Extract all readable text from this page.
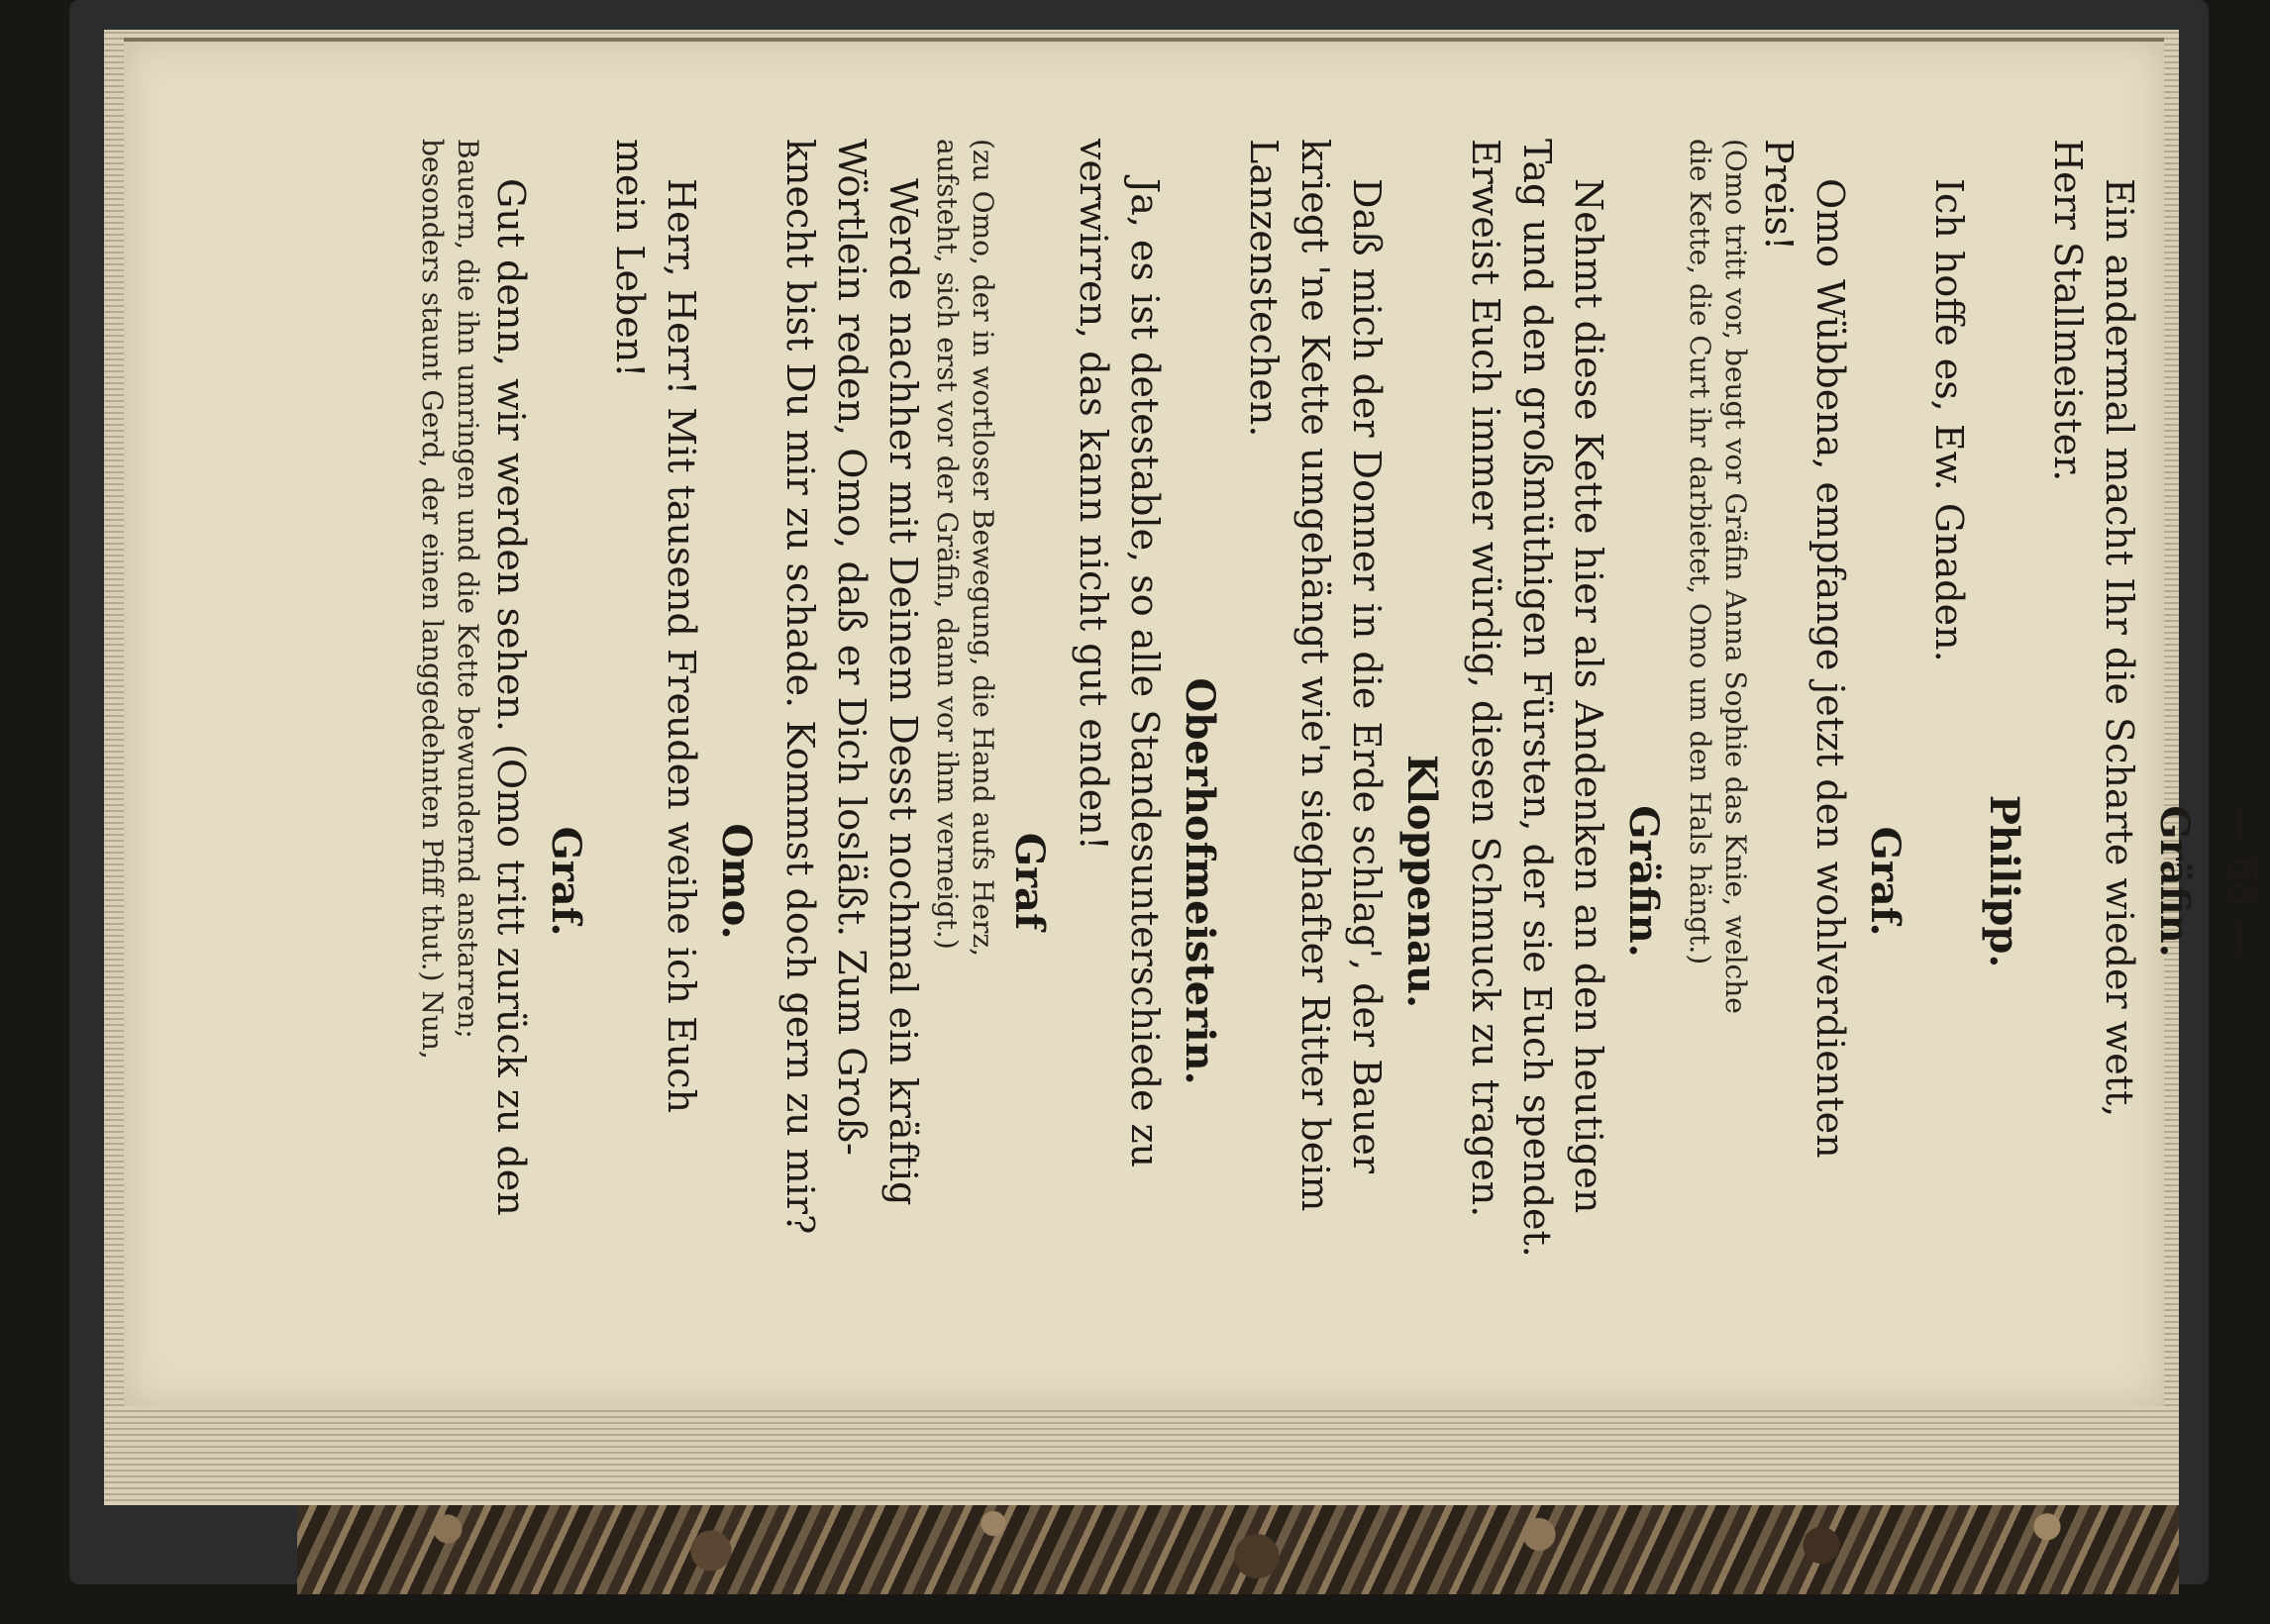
— 68 —
Gräfin.
Ein andermal macht Ihr die Scharte wieder wett,
Herr Stallmeister.
Philipp.
Ich hoffe es, Ew. Gnaden.
Graf.
Omo Wübbena, empfange jetzt den wohlverdienten
Preis!
(Omo tritt vor, beugt vor Gräfin Anna Sophie das Knie, welche
die Kette, die Curt ihr darbietet, Omo um den Hals hängt.)
Gräfin.
Nehmt diese Kette hier als Andenken an den heutigen
Tag und den großmüthigen Fürsten, der sie Euch spendet.
Erweist Euch immer würdig, diesen Schmuck zu tragen.
Kloppenau.
Daß mich der Donner in die Erde schlag', der Bauer
kriegt 'ne Kette umgehängt wie'n sieghafter Ritter beim
Lanzenstechen.
Oberhofmeisterin.
Ja, es ist detestable, so alle Standesunterschiede zu
verwirren, das kann nicht gut enden!
Graf
(zu Omo, der in wortloser Bewegung, die Hand aufs Herz,
aufsteht, sich erst vor der Gräfin, dann vor ihm verneigt.)
Werde nachher mit Deinem Desst nochmal ein kräftig
Wörtlein reden, Omo, daß er Dich losläßt. Zum Groß-
knecht bist Du mir zu schade. Kommst doch gern zu mir?
Omo.
Herr, Herr! Mit tausend Freuden weihe ich Euch
mein Leben!
Graf.
Gut denn, wir werden sehen. (Omo tritt zurück zu den
Bauern, die ihn umringen und die Kette bewundernd anstarren;
besonders staunt Gerd, der einen langgedehnten Pfiff thut.) Nun,
